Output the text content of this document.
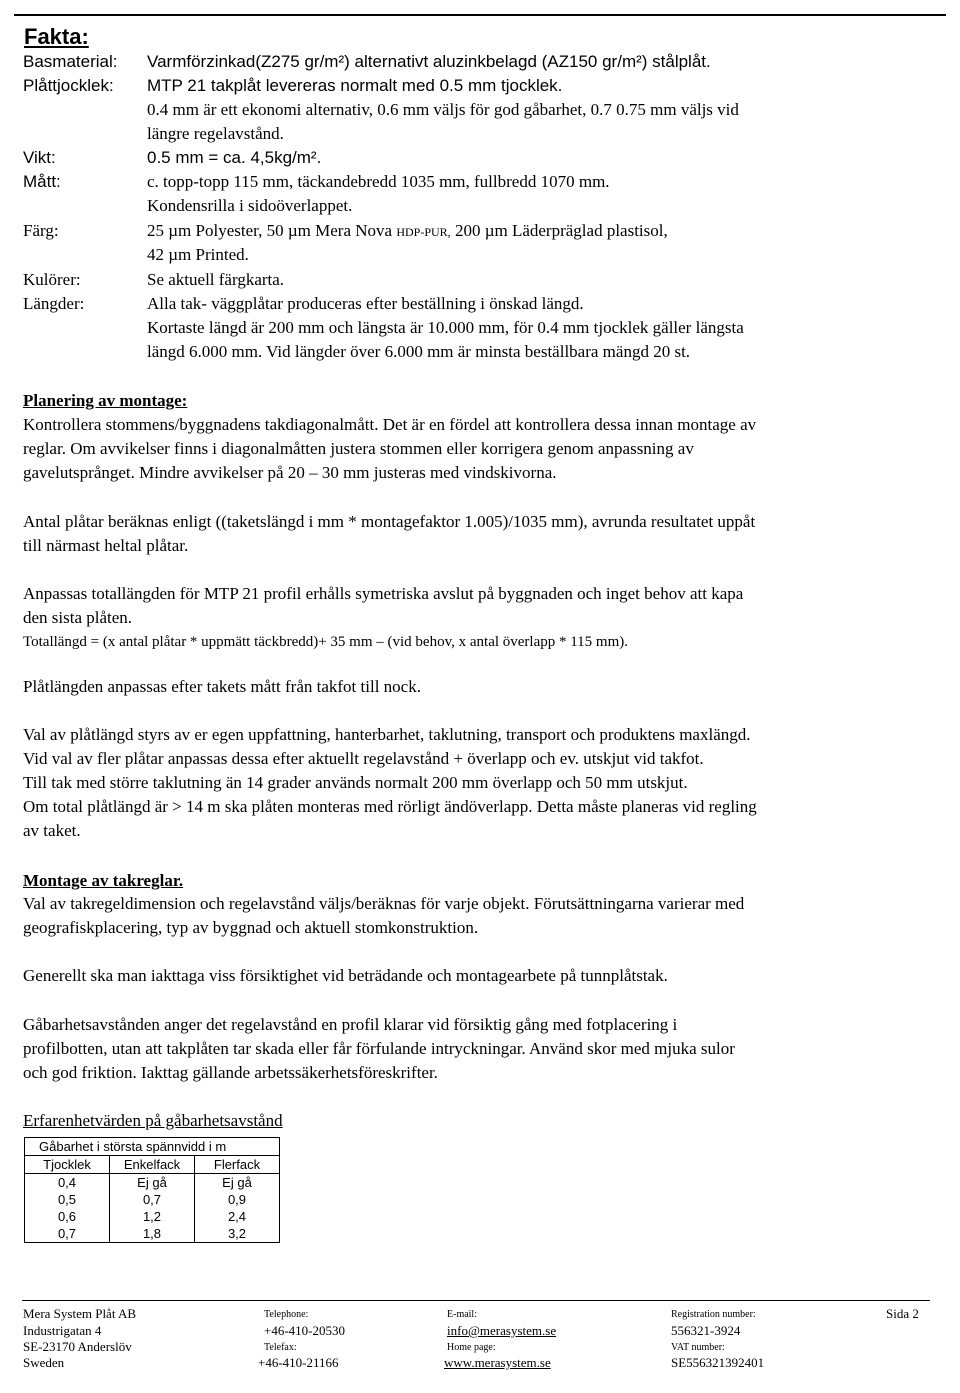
Fakta:
Basmaterial: Varmförzinkad(Z275 gr/m²) alternativt aluzinkbelagd (AZ150 gr/m²) stålplåt.
Plåttjocklek: MTP 21 takplåt levereras normalt med 0.5 mm tjocklek.
0.4 mm är ett ekonomi alternativ, 0.6 mm väljs för god gåbarhet, 0.7 0.75 mm väljs vid
längre regelavstånd.
Vikt:	0.5 mm = ca. 4,5kg/m².
Mått:	c. topp-topp 115 mm, täckandebredd 1035 mm, fullbredd 1070 mm.
Kondensrilla i sidoöverlappet.
Färg:	25 µm Polyester, 50 µm Mera Nova HDP-PUR, 200 µm Läderpräglad plastisol,
42 µm Printed.
Kulörer:	Se aktuell färgkarta.
Längder:	Alla tak- väggplåtar produceras efter beställning i önskad längd.
Kortaste längd är 200 mm och längsta är 10.000 mm, för 0.4 mm tjocklek gäller längsta
längd 6.000 mm. Vid längder över 6.000 mm är minsta beställbara mängd 20 st.
Planering av montage:
Kontrollera stommens/byggnadens takdiagonalmått. Det är en fördel att kontrollera dessa innan montage av
reglar. Om avvikelser finns i diagonalmåtten justera stommen eller korrigera genom anpassning av
gavelutsprånget. Mindre avvikelser på 20 – 30 mm justeras med vindskivorna.
Antal plåtar beräknas enligt ((taketslängd i mm * montagefaktor 1.005)/1035 mm), avrunda resultatet uppåt
till närmast heltal plåtar.
Anpassas totallängden för MTP 21 profil erhålls symetriska avslut på byggnaden och inget behov att kapa
den sista plåten.
Totallängd = (x antal plåtar * uppmätt täckbredd)+ 35 mm – (vid behov, x antal överlapp * 115 mm).
Plåtlängden anpassas efter takets mått från takfot till nock.
Val av plåtlängd styrs av er egen uppfattning, hanterbarhet, taklutning, transport och produktens maxlängd.
Vid val av fler plåtar anpassas dessa efter aktuellt regelavstånd + överlapp och ev. utskjut vid takfot.
Till tak med större taklutning än 14 grader används normalt 200 mm överlapp och 50 mm utskjut.
Om total plåtlängd är > 14 m ska plåten monteras med rörligt ändöverlapp. Detta måste planeras vid regling
av taket.
Montage av takreglar.
Val av takregeldimension och regelavstånd väljs/beräknas för varje objekt. Förutsättningarna varierar med
geografiskplacering, typ av byggnad och aktuell stomkonstruktion.
Generellt ska man iakttaga viss försiktighet vid beträdande och montagearbete på tunnplåtstak.
Gåbarhetsavstånden anger det regelavstånd en profil klarar vid försiktig gång med fotplacering i
profilbotten, utan att takplåten tar skada eller får förfulande intryckningar. Använd skor med mjuka sulor
och god friktion. Iakttag gällande arbetssäkerhetsföreskrifter.
Erfarenhetvärden på gåbarhetsavstånd
Gåbarhet i största spännvidd i m		
Tjocklek	Enkelfack	Flerfack
0,4	Ej gå	Ej gå
0,5	0,7	0,9
0,6	1,2	2,4
0,7	1,8	3,2
Mera System Plåt AB
Industrigatan 4
SE-23170 Anderslöv
Sweden
Telephone:
+46-410-20530
Telefax:
+46-410-21166
E-mail:
info@merasystem.se
Home page:
www.merasystem.se
Registration number:
556321-3924
VAT number:
SE556321392401
Sida 2
